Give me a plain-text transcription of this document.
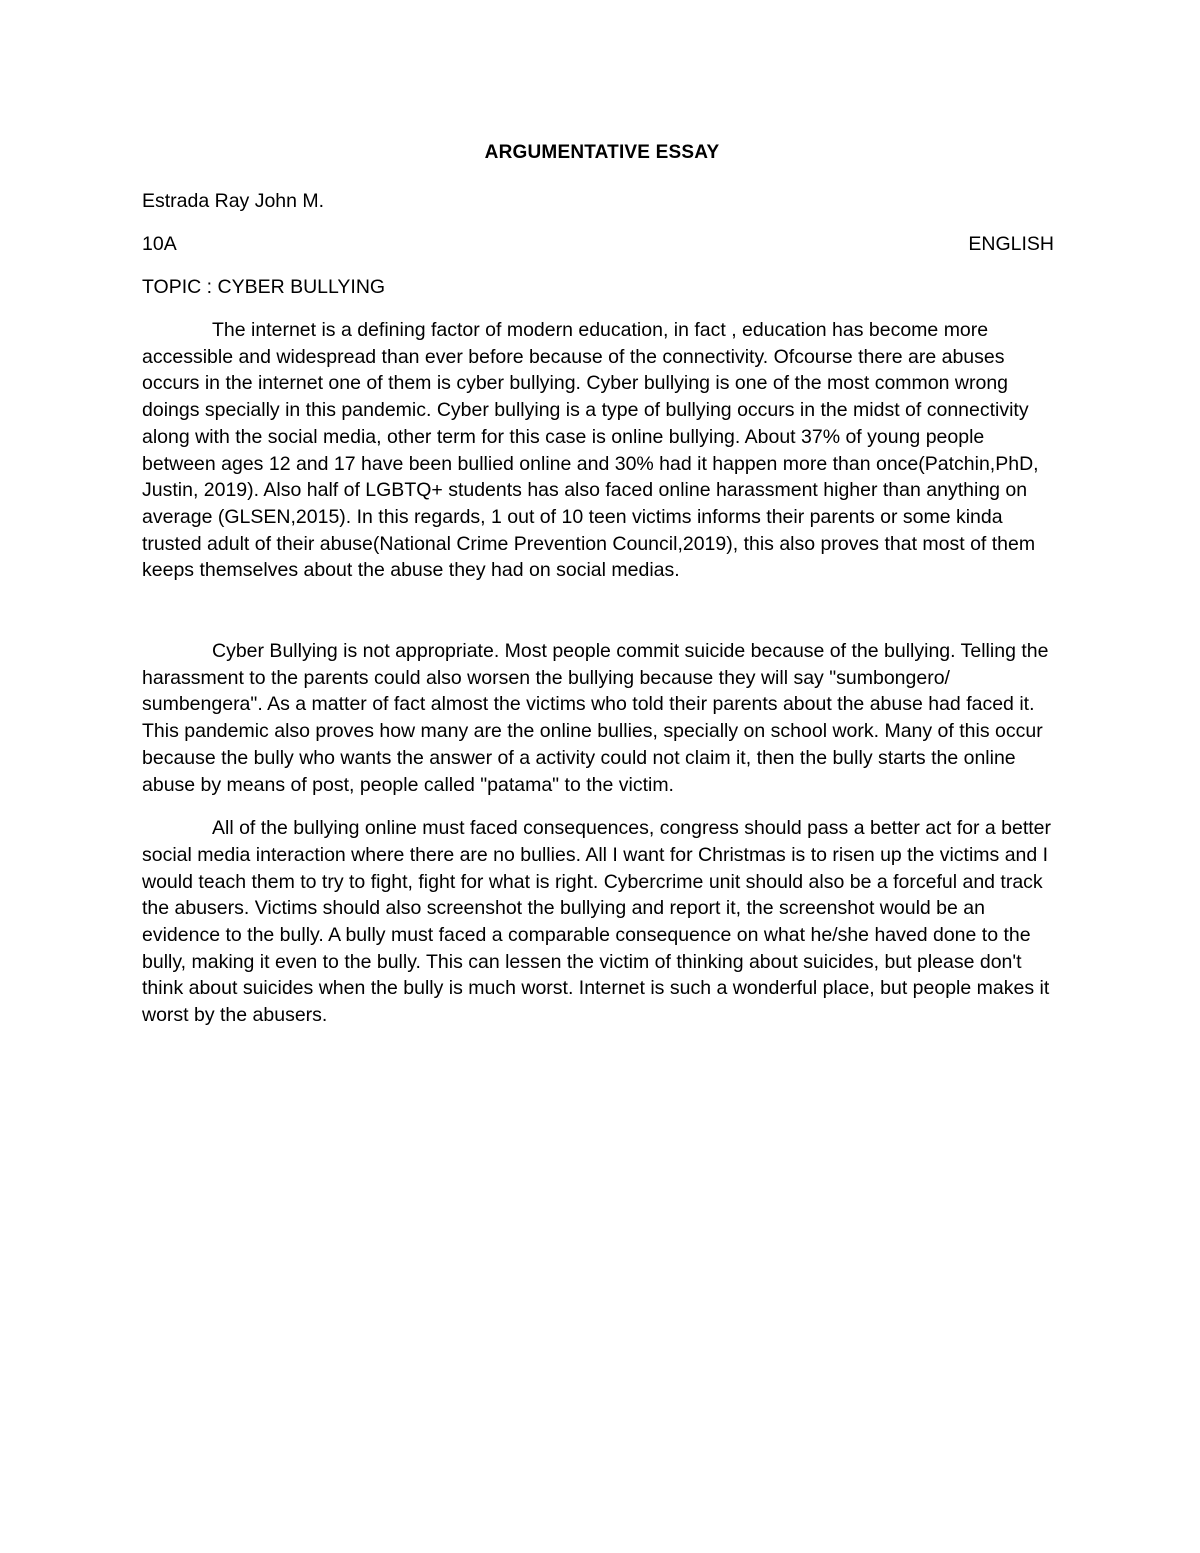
ARGUMENTATIVE ESSAY
Estrada Ray John M.
10A	ENGLISH
TOPIC : CYBER BULLYING

The internet is a defining factor of modern education, in fact , education has become more accessible and widespread than ever before because of the connectivity. Ofcourse there are abuses occurs in the internet one of them is cyber bullying. Cyber bullying is one of the most common wrong doings specially in this pandemic. Cyber bullying is a type of bullying occurs in the midst of connectivity along with the social media, other term for this case is online bullying. About 37% of young people between ages 12 and 17 have been bullied online and 30% had it happen more than once(Patchin,PhD, Justin, 2019). Also half of LGBTQ+ students has also faced online harassment higher than anything on average (GLSEN,2015). In this regards, 1 out of 10 teen victims informs their parents or some kinda trusted adult of their abuse(National Crime Prevention Council,2019), this also proves that most of them keeps themselves about the abuse they had on social medias.

Cyber Bullying is not appropriate. Most people commit suicide because of the bullying. Telling the harassment to the parents could also worsen the bullying because they will say "sumbongero/ sumbengera". As a matter of fact almost the victims who told their parents about the abuse had faced it. This pandemic also proves how many are the online bullies, specially on school work. Many of this occur because the bully who wants the answer of a activity could not claim it, then the bully starts the online abuse by means of post, people called "patama" to the victim.

All of the bullying online must faced consequences, congress should pass a better act for a better social media interaction where there are no bullies. All I want for Christmas is to risen up the victims and I would teach them to try to fight, fight for what is right. Cybercrime unit should also be a forceful and track the abusers. Victims should also screenshot the bullying and report it, the screenshot would be an evidence to the bully. A bully must faced a comparable consequence on what he/she haved done to the bully, making it even to the bully. This can lessen the victim of thinking about suicides, but please don't think about suicides when the bully is much worst. Internet is such a wonderful place, but people makes it worst by the abusers.
